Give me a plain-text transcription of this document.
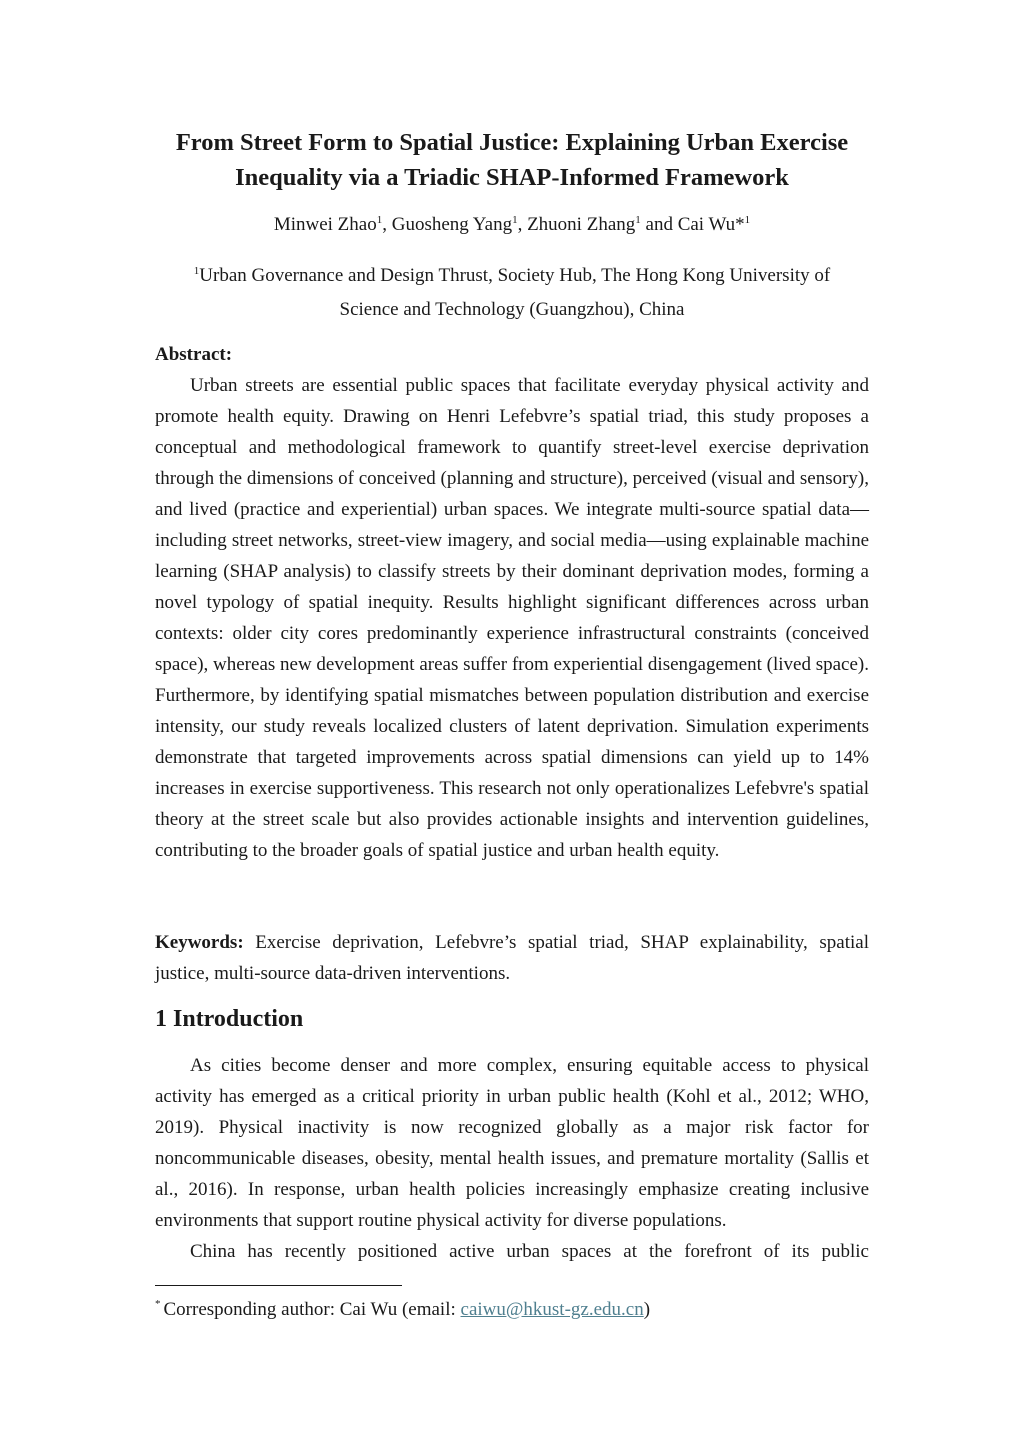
From Street Form to Spatial Justice: Explaining Urban Exercise
Inequality via a Triadic SHAP-Informed Framework

Minwei Zhao$^1$, Guosheng Yang$^1$, Zhuoni Zhang$^1$ and Cai Wu*$^1$

$^1$Urban Governance and Design Thrust, Society Hub, The Hong Kong University of
Science and Technology (Guangzhou), China

Abstract:

Urban streets are essential public spaces that facilitate everyday physical activity and promote health equity. Drawing on Henri Lefebvre’s spatial triad, this study proposes a conceptual and methodological framework to quantify street-level exercise deprivation through the dimensions of conceived (planning and structure), perceived (visual and sensory), and lived (practice and experiential) urban spaces. We integrate multi-source spatial data—including street networks, street-view imagery, and social media—using explainable machine learning (SHAP analysis) to classify streets by their dominant deprivation modes, forming a novel typology of spatial inequity. Results highlight significant differences across urban contexts: older city cores predominantly experience infrastructural constraints (conceived space), whereas new development areas suffer from experiential disengagement (lived space). Furthermore, by identifying spatial mismatches between population distribution and exercise intensity, our study reveals localized clusters of latent deprivation. Simulation experiments demonstrate that targeted improvements across spatial dimensions can yield up to 14% increases in exercise supportiveness. This research not only operationalizes Lefebvre's spatial theory at the street scale but also provides actionable insights and intervention guidelines, contributing to the broader goals of spatial justice and urban health equity.

Keywords: Exercise deprivation, Lefebvre’s spatial triad, SHAP explainability, spatial justice, multi-source data-driven interventions.

1 Introduction

As cities become denser and more complex, ensuring equitable access to physical activity has emerged as a critical priority in urban public health (Kohl et al., 2012; WHO, 2019). Physical inactivity is now recognized globally as a major risk factor for noncommunicable diseases, obesity, mental health issues, and premature mortality (Sallis et al., 2016). In response, urban health policies increasingly emphasize creating inclusive environments that support routine physical activity for diverse populations.

China has recently positioned active urban spaces at the forefront of its public

* Corresponding author: Cai Wu (email: caiwu@hkust-gz.edu.cn)
